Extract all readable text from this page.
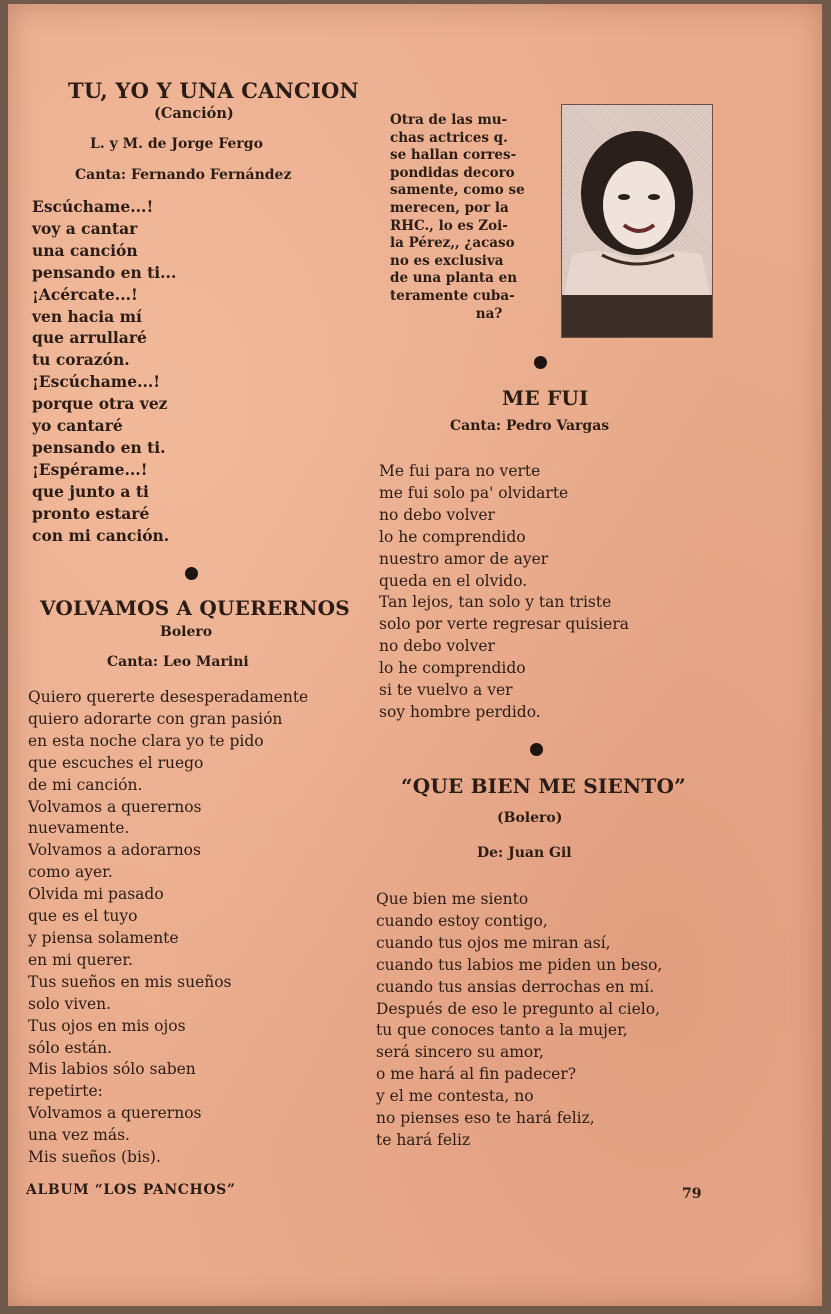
TU, YO Y UNA CANCION
(Canción)
L. y M. de Jorge Fergo
Canta: Fernando Fernández
Escúchame...!
voy a cantar
una canción
pensando en ti...
¡Acércate...!
ven hacia mí
que arrullaré
tu corazón.
¡Escúchame...!
porque otra vez
yo cantaré
pensando en ti.
¡Espérame...!
que junto a ti
pronto estaré
con mi canción.
VOLVAMOS A QUERERNOS
Bolero
Canta: Leo Marini
Quiero quererte desesperadamente
quiero adorarte con gran pasión
en esta noche clara yo te pido
que escuches el ruego
de mi canción.
Volvamos a querernos
nuevamente.
Volvamos a adorarnos
como ayer.
Olvida mi pasado
que es el tuyo
y piensa solamente
en mi querer.
Tus sueños en mis sueños
solo viven.
Tus ojos en mis ojos
sólo están.
Mis labios sólo saben
repetirte:
Volvamos a querernos
una vez más.
Mis sueños (bis).
Otra de las mu-
chas actrices q.
se hallan corres-
pondidas decoro
samente, como se
merecen, por la
RHC., lo es Zoi-
la Pérez,, ¿acaso
no es exclusiva
de una planta en
teramente cuba-
na?
ME FUI
Canta: Pedro Vargas
Me fui para no verte
me fui solo pa' olvidarte
no debo volver
lo he comprendido
nuestro amor de ayer
queda en el olvido.
Tan lejos, tan solo y tan triste
solo por verte regresar quisiera
no debo volver
lo he comprendido
si te vuelvo a ver
soy hombre perdido.
“QUE BIEN ME SIENTO”
(Bolero)
De: Juan Gil
Que bien me siento
cuando estoy contigo,
cuando tus ojos me miran así,
cuando tus labios me piden un beso,
cuando tus ansias derrochas en mí.
Después de eso le pregunto al cielo,
tu que conoces tanto a la mujer,
será sincero su amor,
o me hará al fin padecer?
y el me contesta, no
no pienses eso te hará feliz,
te hará feliz
ALBUM “LOS PANCHOS”	79
